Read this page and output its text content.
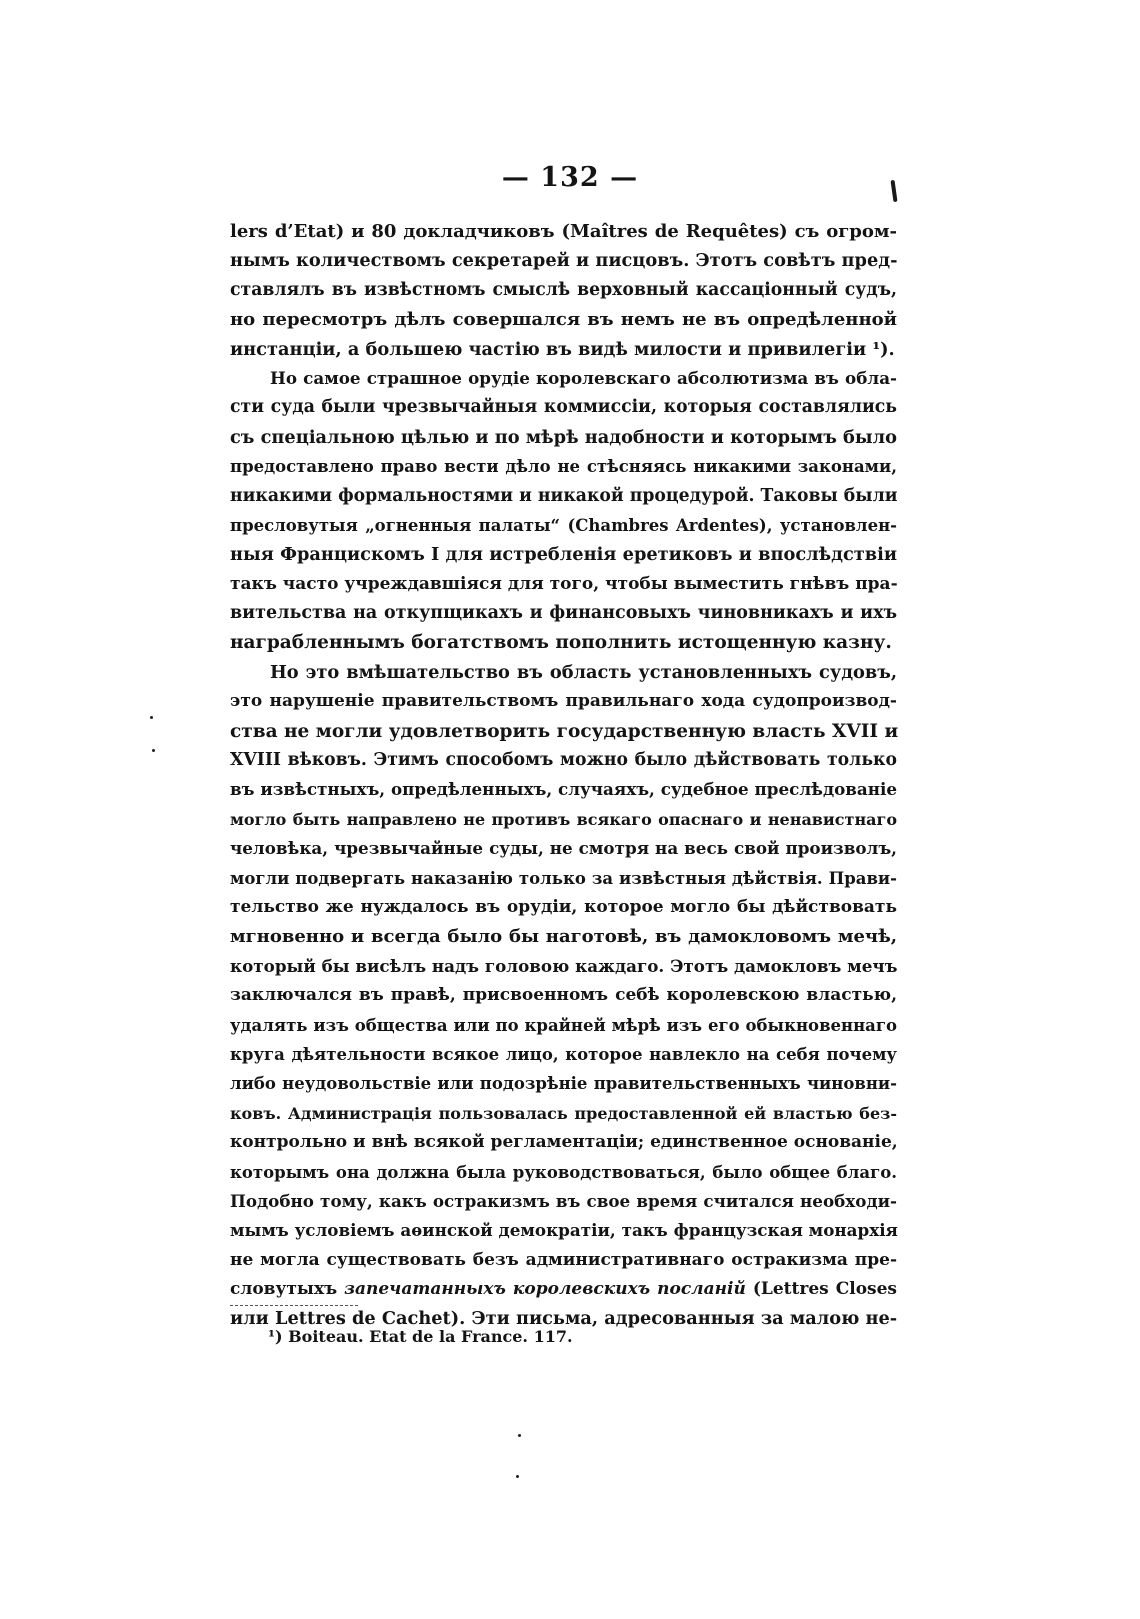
— 132 —
lers d’Etat) и 80 докладчиковъ (Maîtres de Requêtes) съ огром-
нымъ количествомъ секретарей и писцовъ. Этотъ совѣтъ пред-
ставлялъ въ извѣстномъ смыслѣ верховный кассаціонный судъ,
но пересмотръ дѣлъ совершался въ немъ не въ опредѣленной
инстанціи, а большею частію въ видѣ милости и привилегіи ¹).
Но самое страшное орудіе королевскаго абсолютизма въ обла-
сти суда были чрезвычайныя коммиссіи, которыя составлялись
съ спеціальною цѣлью и по мѣрѣ надобности и которымъ было
предоставлено право вести дѣло не стѣсняясь никакими законами,
никакими формальностями и никакой процедурой. Таковы были
пресловутыя „огненныя палаты“ (Chambres Ardentes), установлен-
ныя Францискомъ I для истребленія еретиковъ и впослѣдствіи
такъ часто учреждавшіяся для того, чтобы выместить гнѣвъ пра-
вительства на откупщикахъ и финансовыхъ чиновникахъ и ихъ
награбленнымъ богатствомъ пополнить истощенную казну.
Но это вмѣшательство въ область установленныхъ судовъ,
это нарушеніе правительствомъ правильнаго хода судопроизвод-
ства не могли удовлетворить государственную власть XVII и
XVIII вѣковъ. Этимъ способомъ можно было дѣйствовать только
въ извѣстныхъ, опредѣленныхъ, случаяхъ, судебное преслѣдованіе
могло быть направлено не противъ всякаго опаснаго и ненавистнаго
человѣка, чрезвычайные суды, не смотря на весь свой произволъ,
могли подвергать наказанію только за извѣстныя дѣйствія. Прави-
тельство же нуждалось въ орудіи, которое могло бы дѣйствовать
мгновенно и всегда было бы наготовѣ, въ дамокловомъ мечѣ,
который бы висѣлъ надъ головою каждаго. Этотъ дамокловъ мечъ
заключался въ правѣ, присвоенномъ себѣ королевскою властью,
удалять изъ общества или по крайней мѣрѣ изъ его обыкновеннаго
круга дѣятельности всякое лицо, которое навлекло на себя почему
либо неудовольствіе или подозрѣніе правительственныхъ чиновни-
ковъ. Администрація пользовалась предоставленной ей властью без-
контрольно и внѣ всякой регламентаціи; единственное основаніе,
которымъ она должна была руководствоваться, было общее благо.
Подобно тому, какъ остракизмъ въ свое время считался необходи-
мымъ условіемъ аѳинской демократіи, такъ французская монархія
не могла существовать безъ административнаго остракизма пре-
словутыхъ запечатанныхъ королевскихъ посланій (Lettres Closes
или Lettres de Cachet). Эти письма, адресованныя за малою не-
¹) Boiteau. Etat de la France. 117.
